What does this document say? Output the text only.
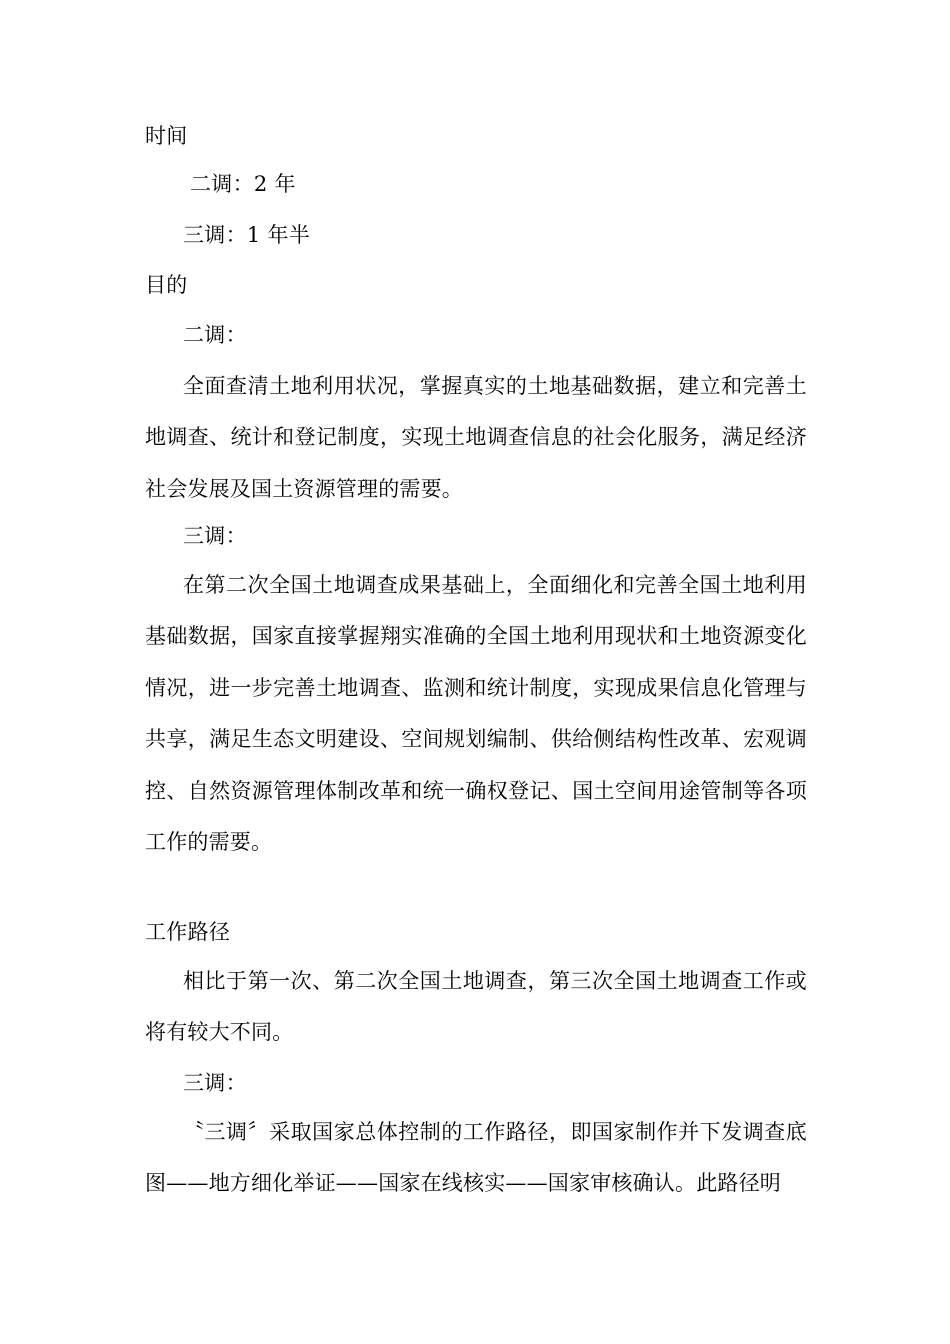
时间
二调：2 年
三调：1 年半
目的
二调：
全面查清土地利用状况，掌握真实的土地基础数据，建立和完善土地调查、统计和登记制度，实现土地调查信息的社会化服务，满足经济社会发展及国土资源管理的需要。
三调：
在第二次全国土地调查成果基础上，全面细化和完善全国土地利用基础数据，国家直接掌握翔实准确的全国土地利用现状和土地资源变化情况，进一步完善土地调查、监测和统计制度，实现成果信息化管理与共享，满足生态文明建设、空间规划编制、供给侧结构性改革、宏观调控、自然资源管理体制改革和统一确权登记、国土空间用途管制等各项工作的需要。
工作路径
相比于第一次、第二次全国土地调查，第三次全国土地调查工作或将有较大不同。
三调：
〝三调〞采取国家总体控制的工作路径，即国家制作并下发调查底图——地方细化举证——国家在线核实——国家审核确认。此路径明
